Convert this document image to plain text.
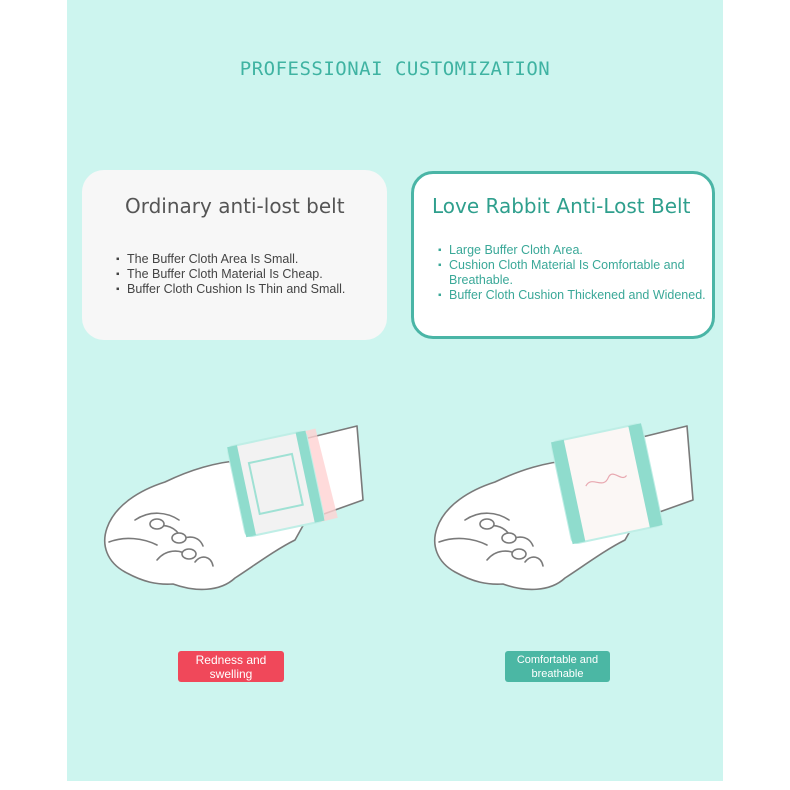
PROFESSIONAI CUSTOMIZATION
Ordinary anti-lost belt
▪ The Buffer Cloth Area Is Small.
▪ The Buffer Cloth Material Is Cheap.
▪ Buffer Cloth Cushion Is Thin and Small.
Love Rabbit Anti-Lost Belt
▪ Large Buffer Cloth Area.
▪ Cushion Cloth Material Is Comfortable and Breathable.
▪ Buffer Cloth Cushion Thickened and Widened.
Redness and
swelling
Comfortable and
breathable
